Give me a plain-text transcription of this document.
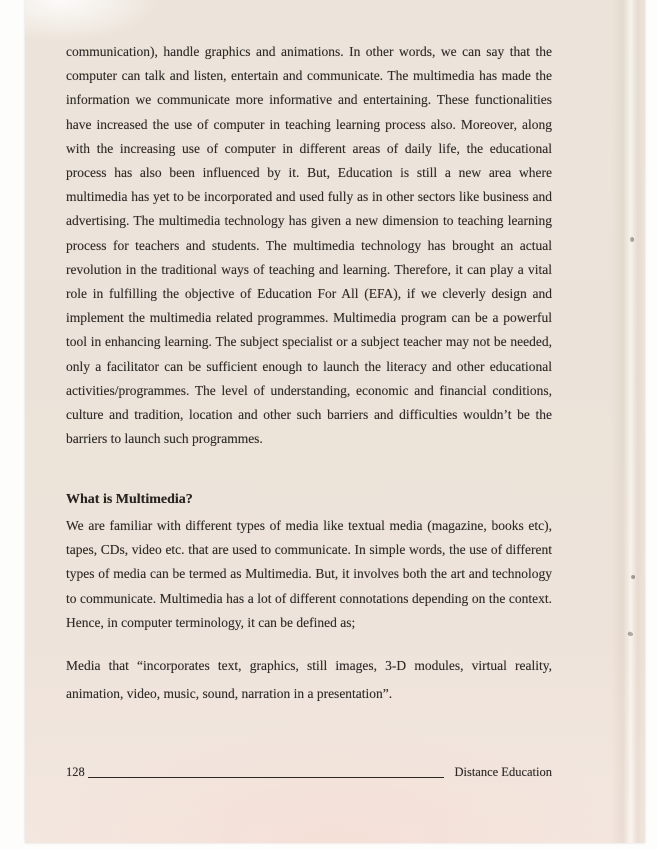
communication), handle graphics and animations. In other words, we can say that the computer can talk and listen, entertain and communicate. The multimedia has made the information we communicate more informative and entertaining. These functionalities have increased the use of computer in teaching learning process also. Moreover, along with the increasing use of computer in different areas of daily life, the educational process has also been influenced by it. But, Education is still a new area where multimedia has yet to be incorporated and used fully as in other sectors like business and advertising. The multimedia technology has given a new dimension to teaching learning process for teachers and students. The multimedia technology has brought an actual revolution in the traditional ways of teaching and learning. Therefore, it can play a vital role in fulfilling the objective of Education For All (EFA), if we cleverly design and implement the multimedia related programmes. Multimedia program can be a powerful tool in enhancing learning. The subject specialist or a subject teacher may not be needed, only a facilitator can be sufficient enough to launch the literacy and other educational activities/programmes. The level of understanding, economic and financial conditions, culture and tradition, location and other such barriers and difficulties wouldn’t be the barriers to launch such programmes.
What is Multimedia?
We are familiar with different types of media like textual media (magazine, books etc), tapes, CDs, video etc. that are used to communicate. In simple words, the use of different types of media can be termed as Multimedia. But, it involves both the art and technology to communicate. Multimedia has a lot of different connotations depending on the context. Hence, in computer terminology, it can be defined as;
Media that “incorporates text, graphics, still images, 3-D modules, virtual reality, animation, video, music, sound, narration in a presentation”.
128	Distance Education
